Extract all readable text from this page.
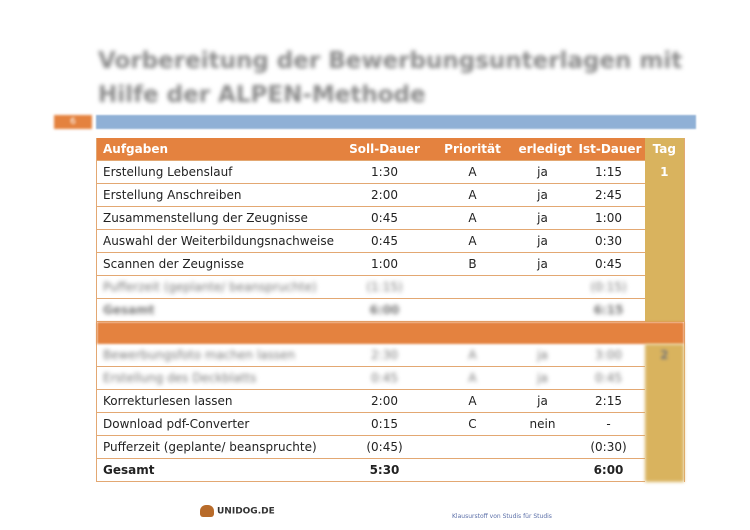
Vorbereitung der Bewerbungsunterlagen mit
Hilfe der ALPEN-Methode
6
Aufgaben	Soll-Dauer	Priorität	erledigt	Ist-Dauer	Tag
Erstellung Lebenslauf	1:30	A	ja	1:15	1
Erstellung Anschreiben	2:00	A	ja	2:45	
Zusammenstellung der Zeugnisse	0:45	A	ja	1:00	
Auswahl der Weiterbildungsnachweise	0:45	A	ja	0:30	
Scannen der Zeugnisse	1:00	B	ja	0:45	
Pufferzeit (geplante/ beanspruchte)	(1:15)			(0:15)	
Gesamt	6:00			6:15	

Bewerbungsfoto machen lassen	2:30	A	ja	3:00	2
Erstellung des Deckblatts	0:45	A	ja	0:45	
Korrekturlesen lassen	2:00	A	ja	2:15	
Download pdf-Converter	0:15	C	nein	-	
Pufferzeit (geplante/ beanspruchte)	(0:45)			(0:30)	
Gesamt	5:30			6:00	
UNIDOG.DE	Klausurstoff von Studis für Studis
